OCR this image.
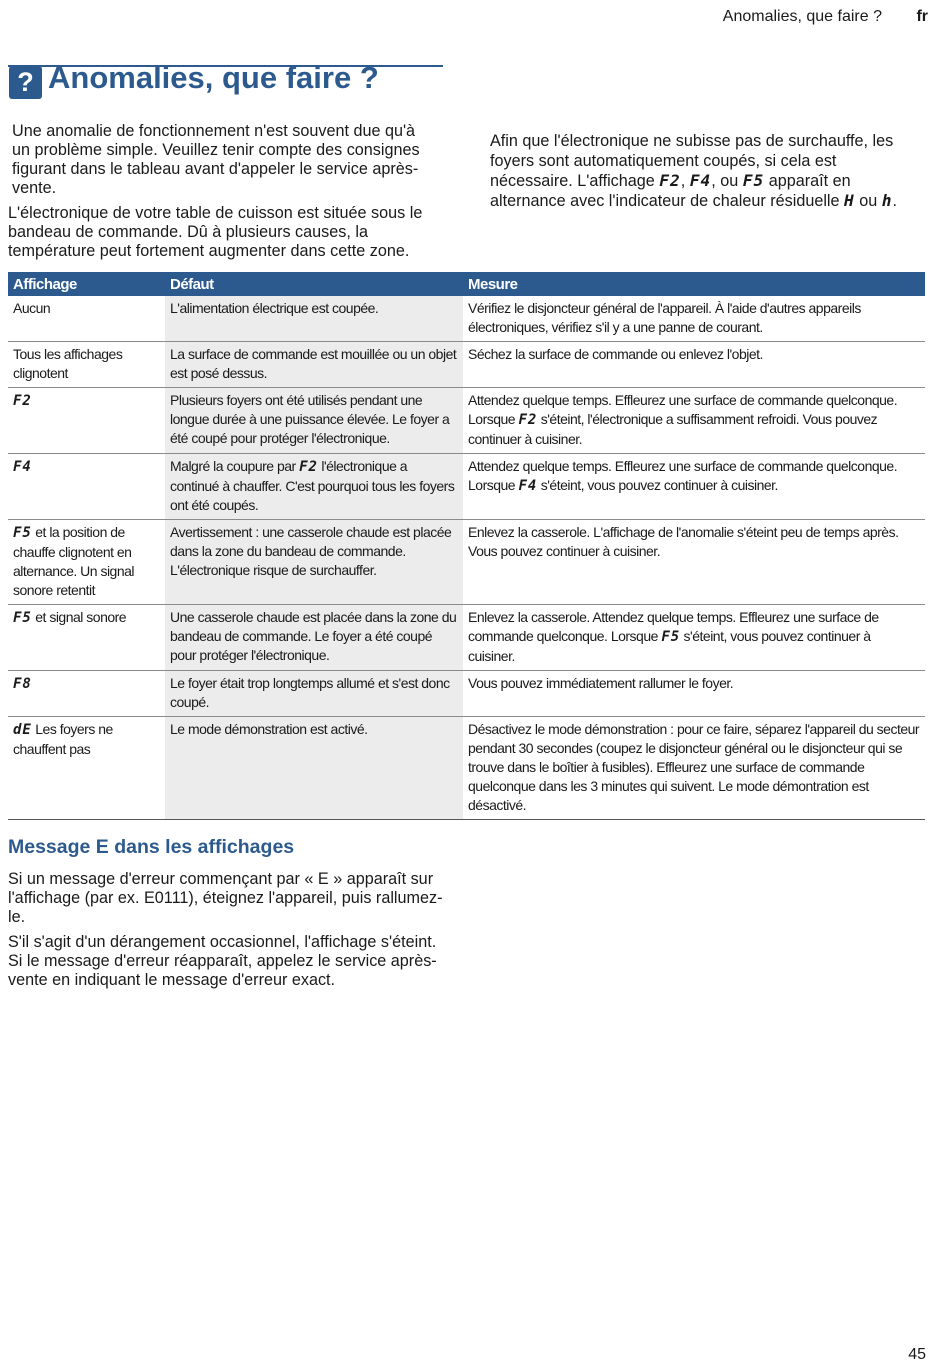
Anomalies, que faire ? fr
? Anomalies, que faire ?

Une anomalie de fonctionnement n'est souvent due qu'à un problème simple. Veuillez tenir compte des consignes figurant dans le tableau avant d'appeler le service après-vente.

L'électronique de votre table de cuisson est située sous le bandeau de commande. Dû à plusieurs causes, la température peut fortement augmenter dans cette zone.

Afin que l'électronique ne subisse pas de surchauffe, les foyers sont automatiquement coupés, si cela est nécessaire. L'affichage F2, F4, ou F5 apparaît en alternance avec l'indicateur de chaleur résiduelle H ou h.

Affichage	Défaut	Mesure
Aucun	L'alimentation électrique est coupée.	Vérifiez le disjoncteur général de l'appareil. À l'aide d'autres appareils électroniques, vérifiez s'il y a une panne de courant.
Tous les affichages clignotent	La surface de commande est mouillée ou un objet est posé dessus.	Séchez la surface de commande ou enlevez l'objet.
F2	Plusieurs foyers ont été utilisés pendant une longue durée à une puissance élevée. Le foyer a été coupé pour protéger l'électronique.	Attendez quelque temps. Effleurez une surface de commande quelconque. Lorsque F2 s'éteint, l'électronique a suffisamment refroidi. Vous pouvez continuer à cuisiner.
F4	Malgré la coupure par F2 l'électronique a continué à chauffer. C'est pourquoi tous les foyers ont été coupés.	Attendez quelque temps. Effleurez une surface de commande quelconque. Lorsque F4 s'éteint, vous pouvez continuer à cuisiner.
F5 et la position de chauffe clignotent en alternance. Un signal sonore retentit	Avertissement : une casserole chaude est placée dans la zone du bandeau de commande. L'électronique risque de surchauffer.	Enlevez la casserole. L'affichage de l'anomalie s'éteint peu de temps après. Vous pouvez continuer à cuisiner.
F5 et signal sonore	Une casserole chaude est placée dans la zone du bandeau de commande. Le foyer a été coupé pour protéger l'électronique.	Enlevez la casserole. Attendez quelque temps. Effleurez une surface de commande quelconque. Lorsque F5 s'éteint, vous pouvez continuer à cuisiner.
F8	Le foyer était trop longtemps allumé et s'est donc coupé.	Vous pouvez immédiatement rallumer le foyer.
dE Les foyers ne chauffent pas	Le mode démonstration est activé.	Désactivez le mode démonstration : pour ce faire, séparez l'appareil du secteur pendant 30 secondes (coupez le disjoncteur général ou le disjoncteur qui se trouve dans le boîtier à fusibles). Effleurez une surface de commande quelconque dans les 3 minutes qui suivent. Le mode démontration est désactivé.
Message E dans les affichages

Si un message d'erreur commençant par « E » apparaît sur l'affichage (par ex. E0111), éteignez l'appareil, puis rallumez-le.

S'il s'agit d'un dérangement occasionnel, l'affichage s'éteint. Si le message d'erreur réapparaît, appelez le service après-vente en indiquant le message d'erreur exact.

45
